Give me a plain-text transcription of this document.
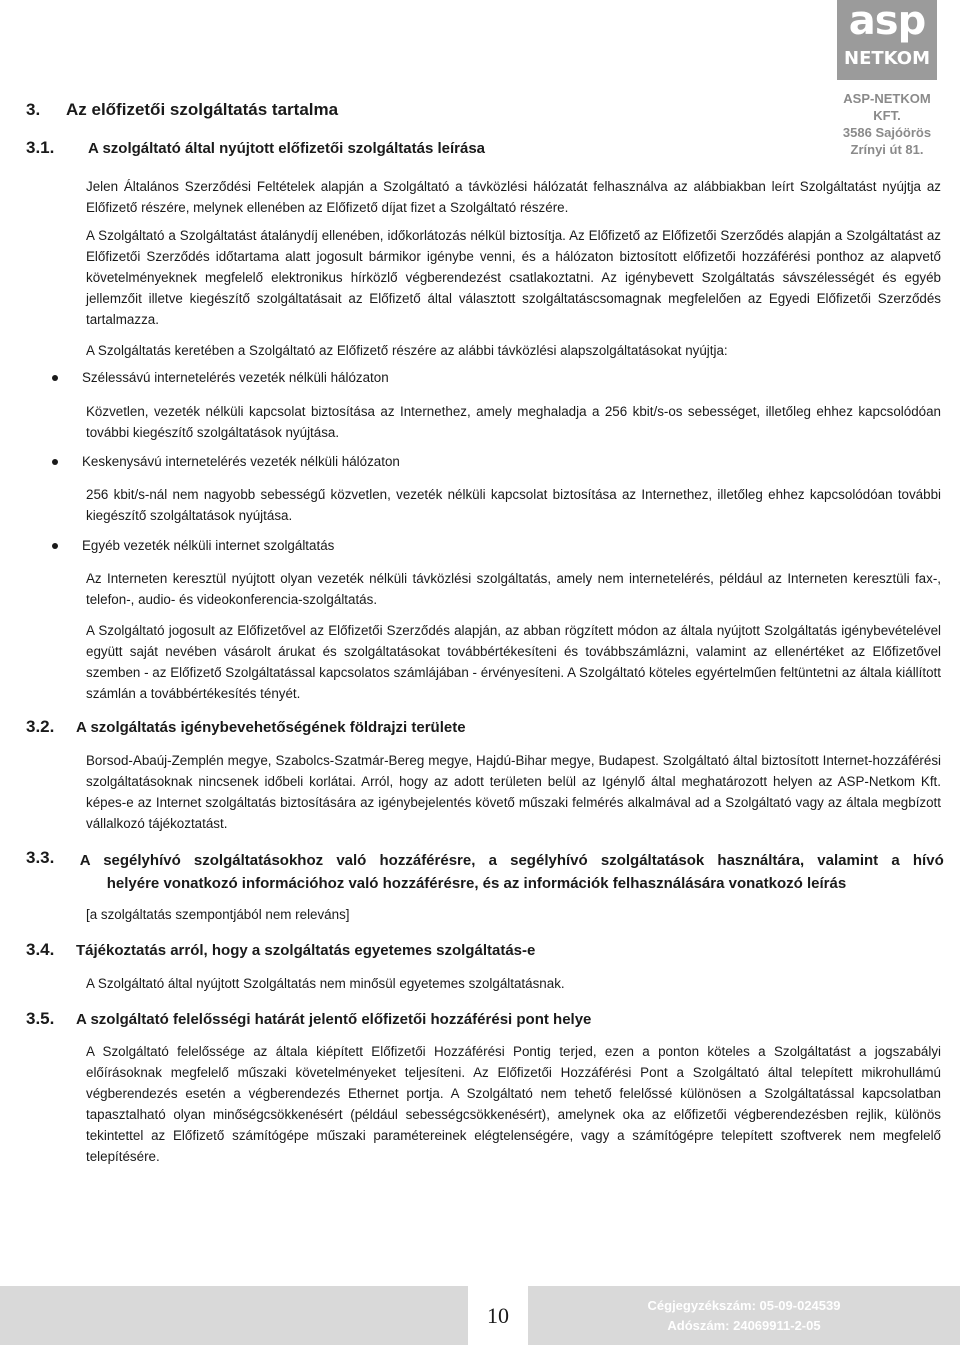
asp
NETKOM
ASP-NETKOM KFT.
3586 Sajóörös
Zrínyi út 81.
3. Az előfizetői szolgáltatás tartalma
3.1. A szolgáltató által nyújtott előfizetői szolgáltatás leírása

Jelen Általános Szerződési Feltételek alapján a Szolgáltató a távközlési hálózatát felhasználva az alábbiakban leírt Szolgáltatást nyújtja az Előfizető részére, melynek ellenében az Előfizető díjat fizet a Szolgáltató részére.

A Szolgáltató a Szolgáltatást átalánydíj ellenében, időkorlátozás nélkül biztosítja. Az Előfizető az Előfizetői Szerződés alapján a Szolgáltatást az Előfizetői Szerződés időtartama alatt jogosult bármikor igénybe venni, és a hálózaton biztosított előfizetői hozzáférési ponthoz az alapvető követelményeknek megfelelő elektronikus hírközlő végberendezést csatlakoztatni. Az igénybevett Szolgáltatás sávszélességét és egyéb jellemzőit illetve kiegészítő szolgáltatásait az Előfizető által választott szolgáltatáscsomagnak megfelelően az Egyedi Előfizetői Szerződés tartalmazza.

A Szolgáltatás keretében a Szolgáltató az Előfizető részére az alábbi távközlési alapszolgáltatásokat nyújtja:

Szélessávú internetelérés vezeték nélküli hálózaton

Közvetlen, vezeték nélküli kapcsolat biztosítása az Internethez, amely meghaladja a 256 kbit/s-os sebességet, illetőleg ehhez kapcsolódóan további kiegészítő szolgáltatások nyújtása.

Keskenysávú internetelérés vezeték nélküli hálózaton

256 kbit/s-nál nem nagyobb sebességű közvetlen, vezeték nélküli kapcsolat biztosítása az Internethez, illetőleg ehhez kapcsolódóan további kiegészítő szolgáltatások nyújtása.

Egyéb vezeték nélküli internet szolgáltatás

Az Interneten keresztül nyújtott olyan vezeték nélküli távközlési szolgáltatás, amely nem internetelérés, például az Interneten keresztüli fax-, telefon-, audio- és videokonferencia-szolgáltatás.

A Szolgáltató jogosult az Előfizetővel az Előfizetői Szerződés alapján, az abban rögzített módon az általa nyújtott Szolgáltatás igénybevételével együtt saját nevében vásárolt árukat és szolgáltatásokat továbbértékesíteni és továbbszámlázni, valamint az ellenértéket az Előfizetővel szemben - az Előfizető Szolgáltatással kapcsolatos számlájában - érvényesíteni. A Szolgáltató köteles egyértelműen feltüntetni az általa kiállított számlán a továbbértékesítés tényét.

3.2. A szolgáltatás igénybevehetőségének földrajzi területe

Borsod-Abaúj-Zemplén megye, Szabolcs-Szatmár-Bereg megye, Hajdú-Bihar megye, Budapest. Szolgáltató által biztosított Internet-hozzáférési szolgáltatásoknak nincsenek időbeli korlátai. Arról, hogy az adott területen belül az Igénylő által meghatározott helyen az ASP-Netkom Kft. képes-e az Internet szolgáltatás biztosítására az igénybejelentés követő műszaki felmérés alkalmával ad a Szolgáltató vagy az általa megbízott vállalkozó tájékoztatást.

3.3. A segélyhívó szolgáltatásokhoz való hozzáférésre, a segélyhívó szolgáltatások használtára, valamint a hívó
helyére vonatkozó információhoz való hozzáférésre, és az információk felhasználására vonatkozó leírás

[a szolgáltatás szempontjából nem releváns]

3.4. Tájékoztatás arról, hogy a szolgáltatás egyetemes szolgáltatás-e

A Szolgáltató által nyújtott Szolgáltatás nem minősül egyetemes szolgáltatásnak.

3.5. A szolgáltató felelősségi határát jelentő előfizetői hozzáférési pont helye

A Szolgáltató felelőssége az általa kiépített Előfizetői Hozzáférési Pontig terjed, ezen a ponton köteles a Szolgáltatást a jogszabályi előírásoknak megfelelő műszaki követelményeket teljesíteni. Az Előfizetői Hozzáférési Pont a Szolgáltató által telepített mikrohullámú végberendezés esetén a végberendezés Ethernet portja. A Szolgáltató nem tehető felelőssé különösen a Szolgáltatással kapcsolatban tapasztalható olyan minőségcsökkenésért (például sebességcsökkenésért), amelynek oka az előfizetői végberendezésben rejlik, különös tekintettel az Előfizető számítógépe műszaki paramétereinek elégtelenségére, vagy a számítógépre telepített szoftverek nem megfelelő telepítésére.

10	Cégjegyzékszám: 05-09-024539
Adószám: 24069911-2-05
